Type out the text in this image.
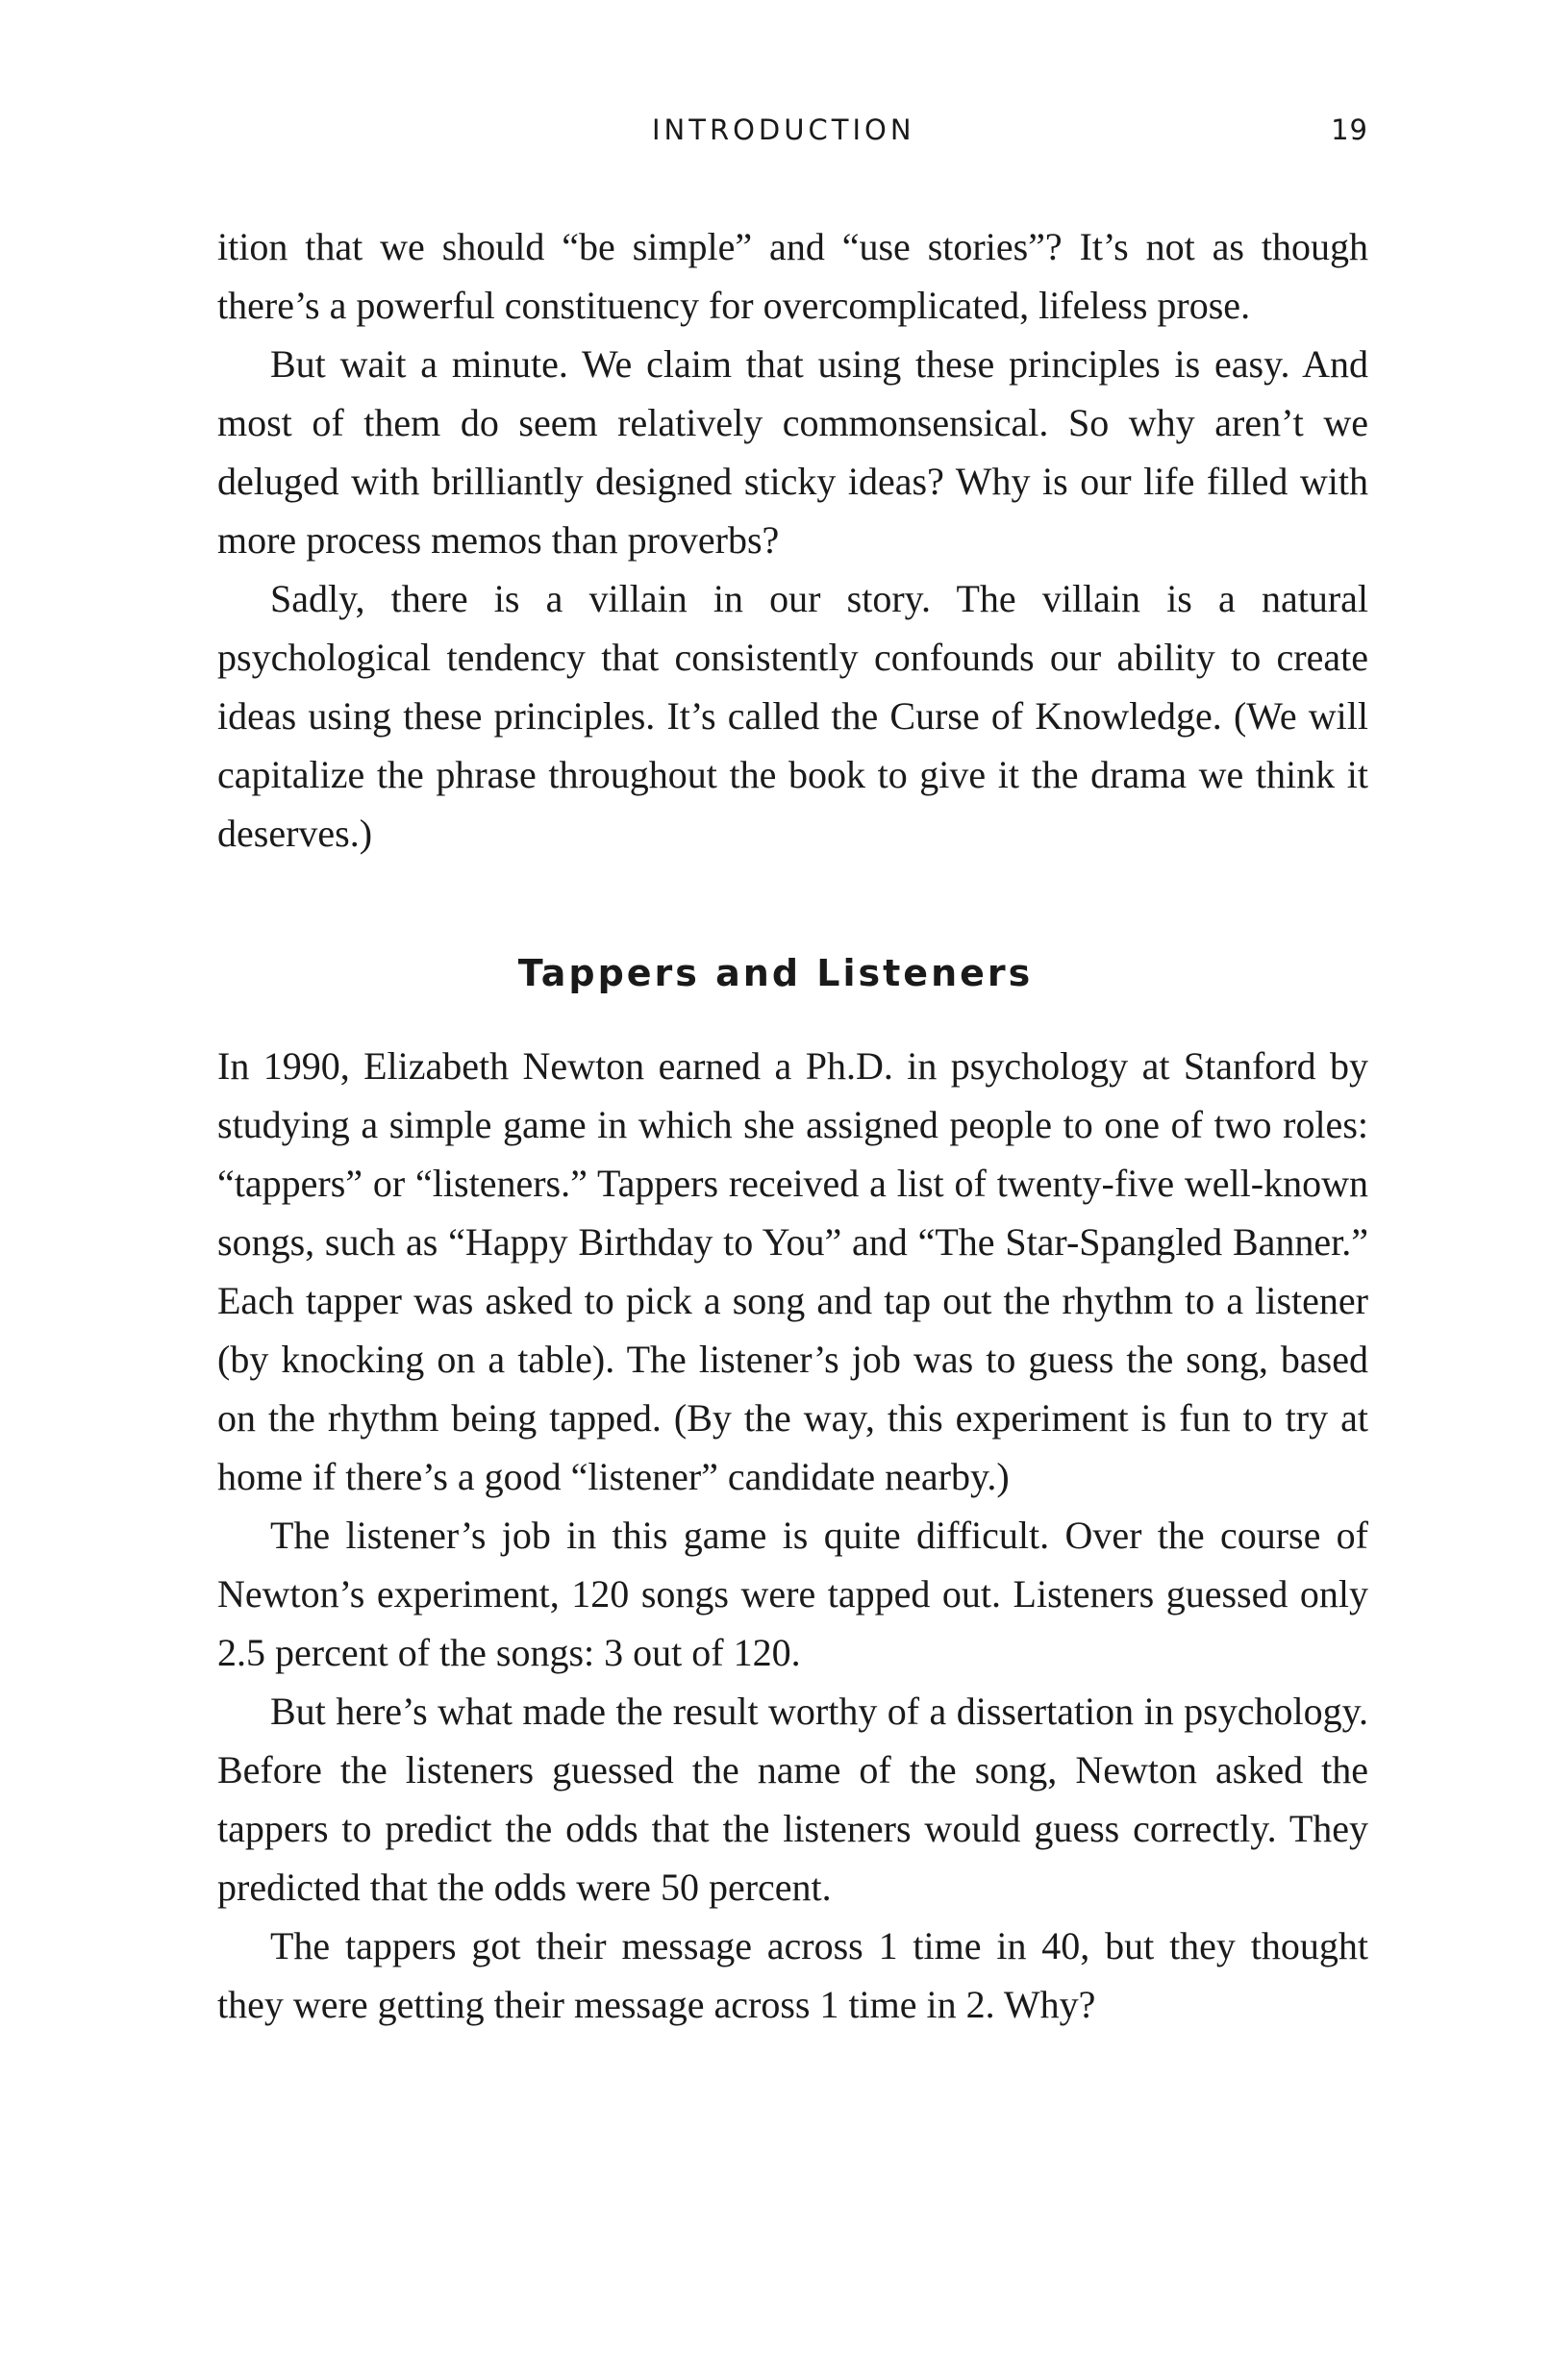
INTRODUCTION	19

ition that we should “be simple” and “use stories”? It’s not as though there’s a powerful constituency for overcomplicated, lifeless prose.

But wait a minute. We claim that using these principles is easy. And most of them do seem relatively commonsensical. So why aren’t we deluged with brilliantly designed sticky ideas? Why is our life filled with more process memos than proverbs?

Sadly, there is a villain in our story. The villain is a natural psychological tendency that consistently confounds our ability to create ideas using these principles. It’s called the Curse of Knowledge. (We will capitalize the phrase throughout the book to give it the drama we think it deserves.)

Tappers and Listeners

In 1990, Elizabeth Newton earned a Ph.D. in psychology at Stanford by studying a simple game in which she assigned people to one of two roles: “tappers” or “listeners.” Tappers received a list of twenty-five well-known songs, such as “Happy Birthday to You” and “The Star-Spangled Banner.” Each tapper was asked to pick a song and tap out the rhythm to a listener (by knocking on a table). The listener’s job was to guess the song, based on the rhythm being tapped. (By the way, this experiment is fun to try at home if there’s a good “listener” candidate nearby.)

The listener’s job in this game is quite difficult. Over the course of Newton’s experiment, 120 songs were tapped out. Listeners guessed only 2.5 percent of the songs: 3 out of 120.

But here’s what made the result worthy of a dissertation in psychology. Before the listeners guessed the name of the song, Newton asked the tappers to predict the odds that the listeners would guess correctly. They predicted that the odds were 50 percent.

The tappers got their message across 1 time in 40, but they thought they were getting their message across 1 time in 2. Why?
